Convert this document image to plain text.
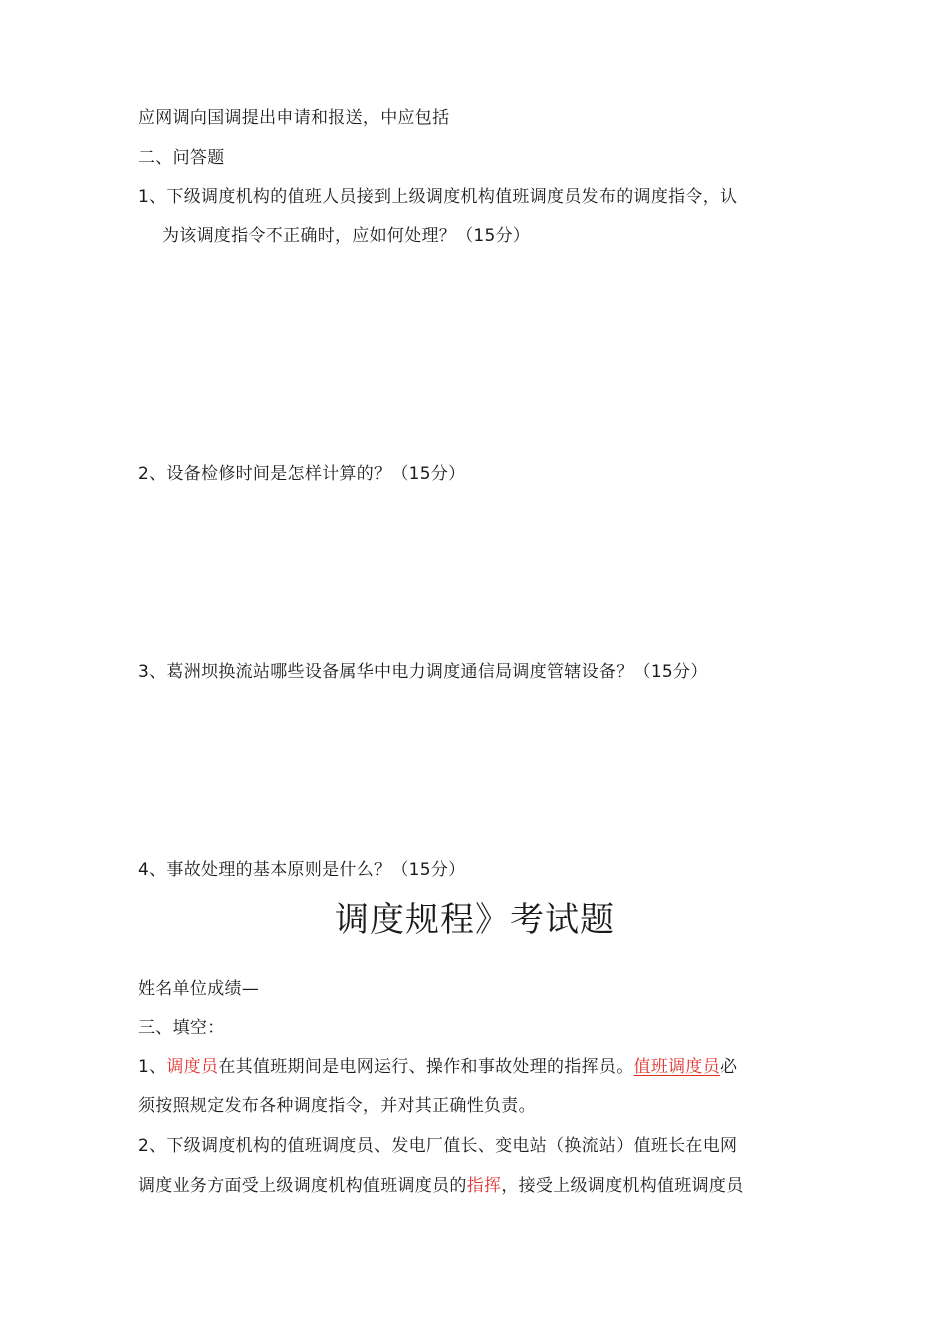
应网调向国调提出申请和报送，中应包括
二、问答题
1、下级调度机构的值班人员接到上级调度机构值班调度员发布的调度指令，认
为该调度指令不正确时，应如何处理？（15分）
2、设备检修时间是怎样计算的？（15分）
3、葛洲坝换流站哪些设备属华中电力调度通信局调度管辖设备？（15分）
4、事故处理的基本原则是什么？（15分）
调度规程》考试题
姓名单位成绩—
三、填空：
1、调度员在其值班期间是电网运行、操作和事故处理的指挥员。值班调度员必
须按照规定发布各种调度指令，并对其正确性负责。
2、下级调度机构的值班调度员、发电厂值长、变电站（换流站）值班长在电网
调度业务方面受上级调度机构值班调度员的指挥，接受上级调度机构值班调度员
